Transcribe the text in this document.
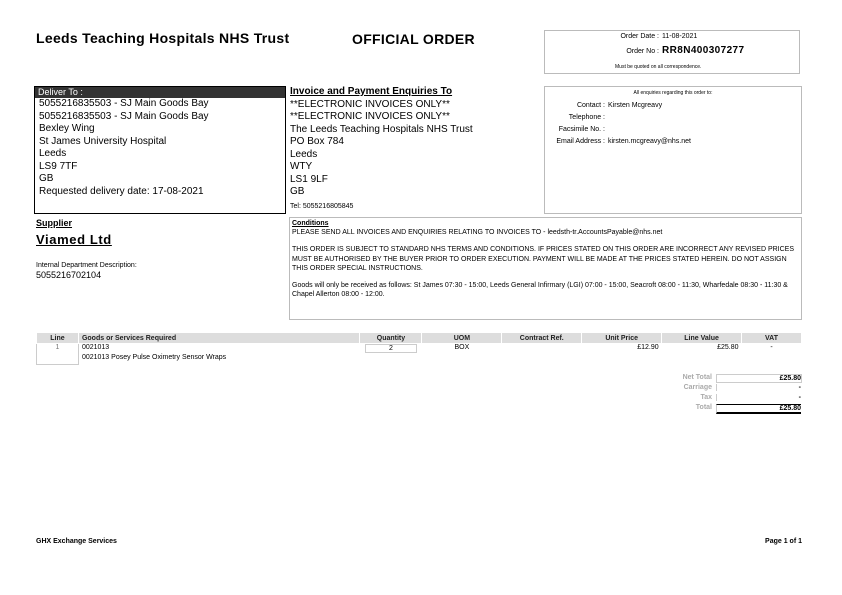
Leeds Teaching Hospitals NHS Trust	OFFICIAL ORDER	Order Date : 11-08-2021
Order No : RR8N400307277
Must be quoted on all correspondence.
Deliver To :
5055216835503 - SJ Main Goods Bay
5055216835503 - SJ Main Goods Bay
Bexley Wing
St James University Hospital
Leeds
LS9 7TF
GB
Requested delivery date: 17-08-2021
Invoice and Payment Enquiries To
**ELECTRONIC INVOICES ONLY**
**ELECTRONIC INVOICES ONLY**
The Leeds Teaching Hospitals NHS Trust
PO Box 784
Leeds
WTY
LS1 9LF
GB
Tel: 5055216805845
All enquiries regarding this order to:
Contact : Kirsten Mcgreavy
Telephone :
Facsimile No. :
Email Address : kirsten.mcgreavy@nhs.net
Supplier
Viamed Ltd
Internal Department Description:
5055216702104
Conditions

PLEASE SEND ALL INVOICES AND ENQUIRIES RELATING TO INVOICES TO - leedsth-tr.AccountsPayable@nhs.net

THIS ORDER IS SUBJECT TO STANDARD NHS TERMS AND CONDITIONS. IF PRICES STATED ON THIS ORDER ARE INCORRECT ANY REVISED PRICES MUST BE AUTHORISED BY THE BUYER PRIOR TO ORDER EXECUTION. PAYMENT WILL BE MADE AT THE PRICES STATED HEREIN. DO NOT ASSIGN THIS ORDER SPECIAL INSTRUCTIONS.

Goods will only be received as follows: St James 07:30 - 15:00, Leeds General Infirmary (LGI) 07:00 - 15:00, Seacroft 08:00 - 11:30, Wharfedale 08:30 - 11:30 & Chapel Allerton 08:00 - 12:00.

Line	Goods or Services Required	Quantity	UOM	Contract Ref.	Unit Price	Line Value	VAT
1	0021013	2	BOX		£12.90	£25.80	-
	0021013 Posey Pulse Oximetry Sensor Wraps						
Net Total	£25.80
Carriage	-
Tax	-
Total	£25.80
GHX Exchange Services	Page 1 of 1
